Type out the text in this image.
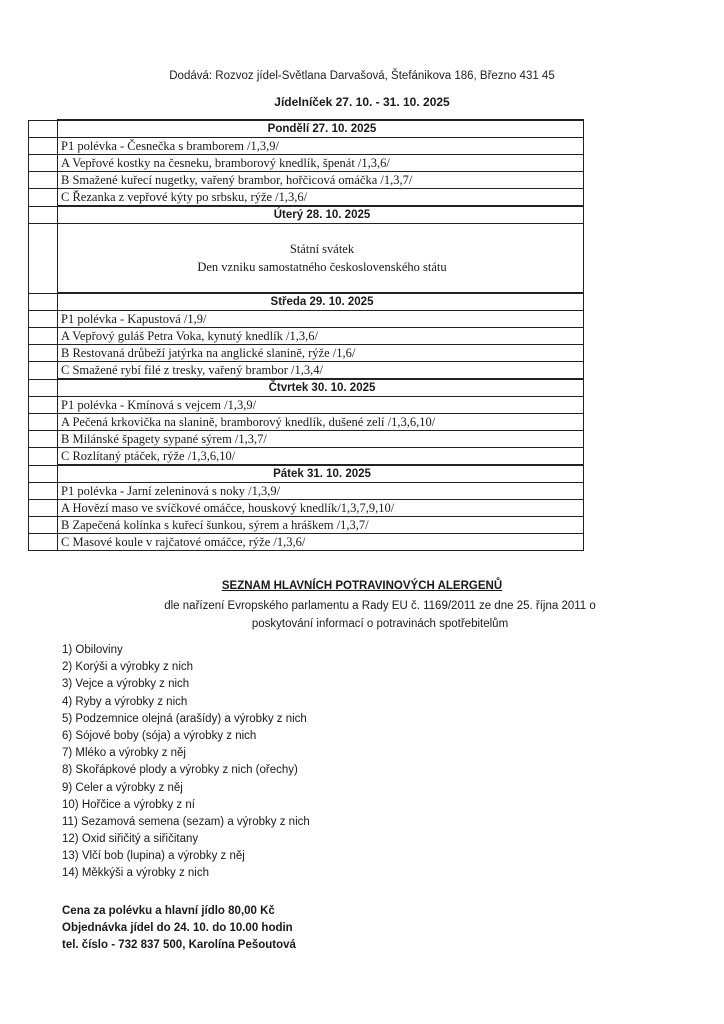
Dodává: Rozvoz jídel-Světlana Darvašová, Štefánikova 186, Březno 431 45
Jídelníček 27. 10. - 31. 10. 2025
	Pondělí 27. 10. 2025
	P1 polévka - Česnečka s bramborem /1,3,9/
	A Vepřové kostky na česneku, bramborový knedlík, špenát /1,3,6/
	B Smažené kuřecí nugetky, vařený brambor, hořčicová omáčka /1,3,7/
	C Řezanka z vepřové kýty po srbsku, rýže /1,3,6/
	Úterý 28. 10. 2025

	Státní svátek
Den vzniku samostatného československého státu

	Středa 29. 10. 2025
	P1 polévka - Kapustová /1,9/
	A Vepřový guláš Petra Voka, kynutý knedlík /1,3,6/
	B Restovaná drůbeží jatýrka na anglické slanině, rýže /1,6/
	C Smažené rybí filé z tresky, vařený brambor /1,3,4/
	Čtvrtek 30. 10. 2025
	P1 polévka - Kmínová s vejcem /1,3,9/
	A Pečená krkovička na slanině, bramborový knedlík, dušené zelí /1,3,6,10/
	B Milánské špagety sypané sýrem /1,3,7/
	C Rozlítaný ptáček, rýže /1,3,6,10/
	Pátek 31. 10. 2025
	P1 polévka - Jarní zeleninová s noky /1,3,9/
	A Hovězí maso ve svíčkové omáčce, houskový knedlík/1,3,7,9,10/
	B Zapečená kolínka s kuřecí šunkou, sýrem a hráškem /1,3,7/
	C Masové koule v rajčatové omáčce, rýže /1,3,6/
SEZNAM HLAVNÍCH POTRAVINOVÝCH ALERGENŮ
dle nařízení Evropského parlamentu a Rady EU č. 1169/2011 ze dne 25. října 2011 o
poskytování informací o potravinách spotřebitelům
1) Obiloviny
2) Korýši a výrobky z nich
3) Vejce a výrobky z nich
4) Ryby a výrobky z nich
5) Podzemnice olejná (arašídy) a výrobky z nich
6) Sójové boby (sója) a výrobky z nich
7) Mléko a výrobky z něj
8) Skořápkové plody a výrobky z nich (ořechy)
9) Celer a výrobky z něj
10) Hořčice a výrobky z ní
11) Sezamová semena (sezam) a výrobky z nich
12) Oxid siřičitý a siřičitany
13) Vlčí bob (lupina) a výrobky z něj
14) Měkkýši a výrobky z nich
Cena za polévku a hlavní jídlo 80,00 Kč
Objednávka jídel do 24. 10. do 10.00 hodin
tel. číslo - 732 837 500, Karolína Pešoutová
